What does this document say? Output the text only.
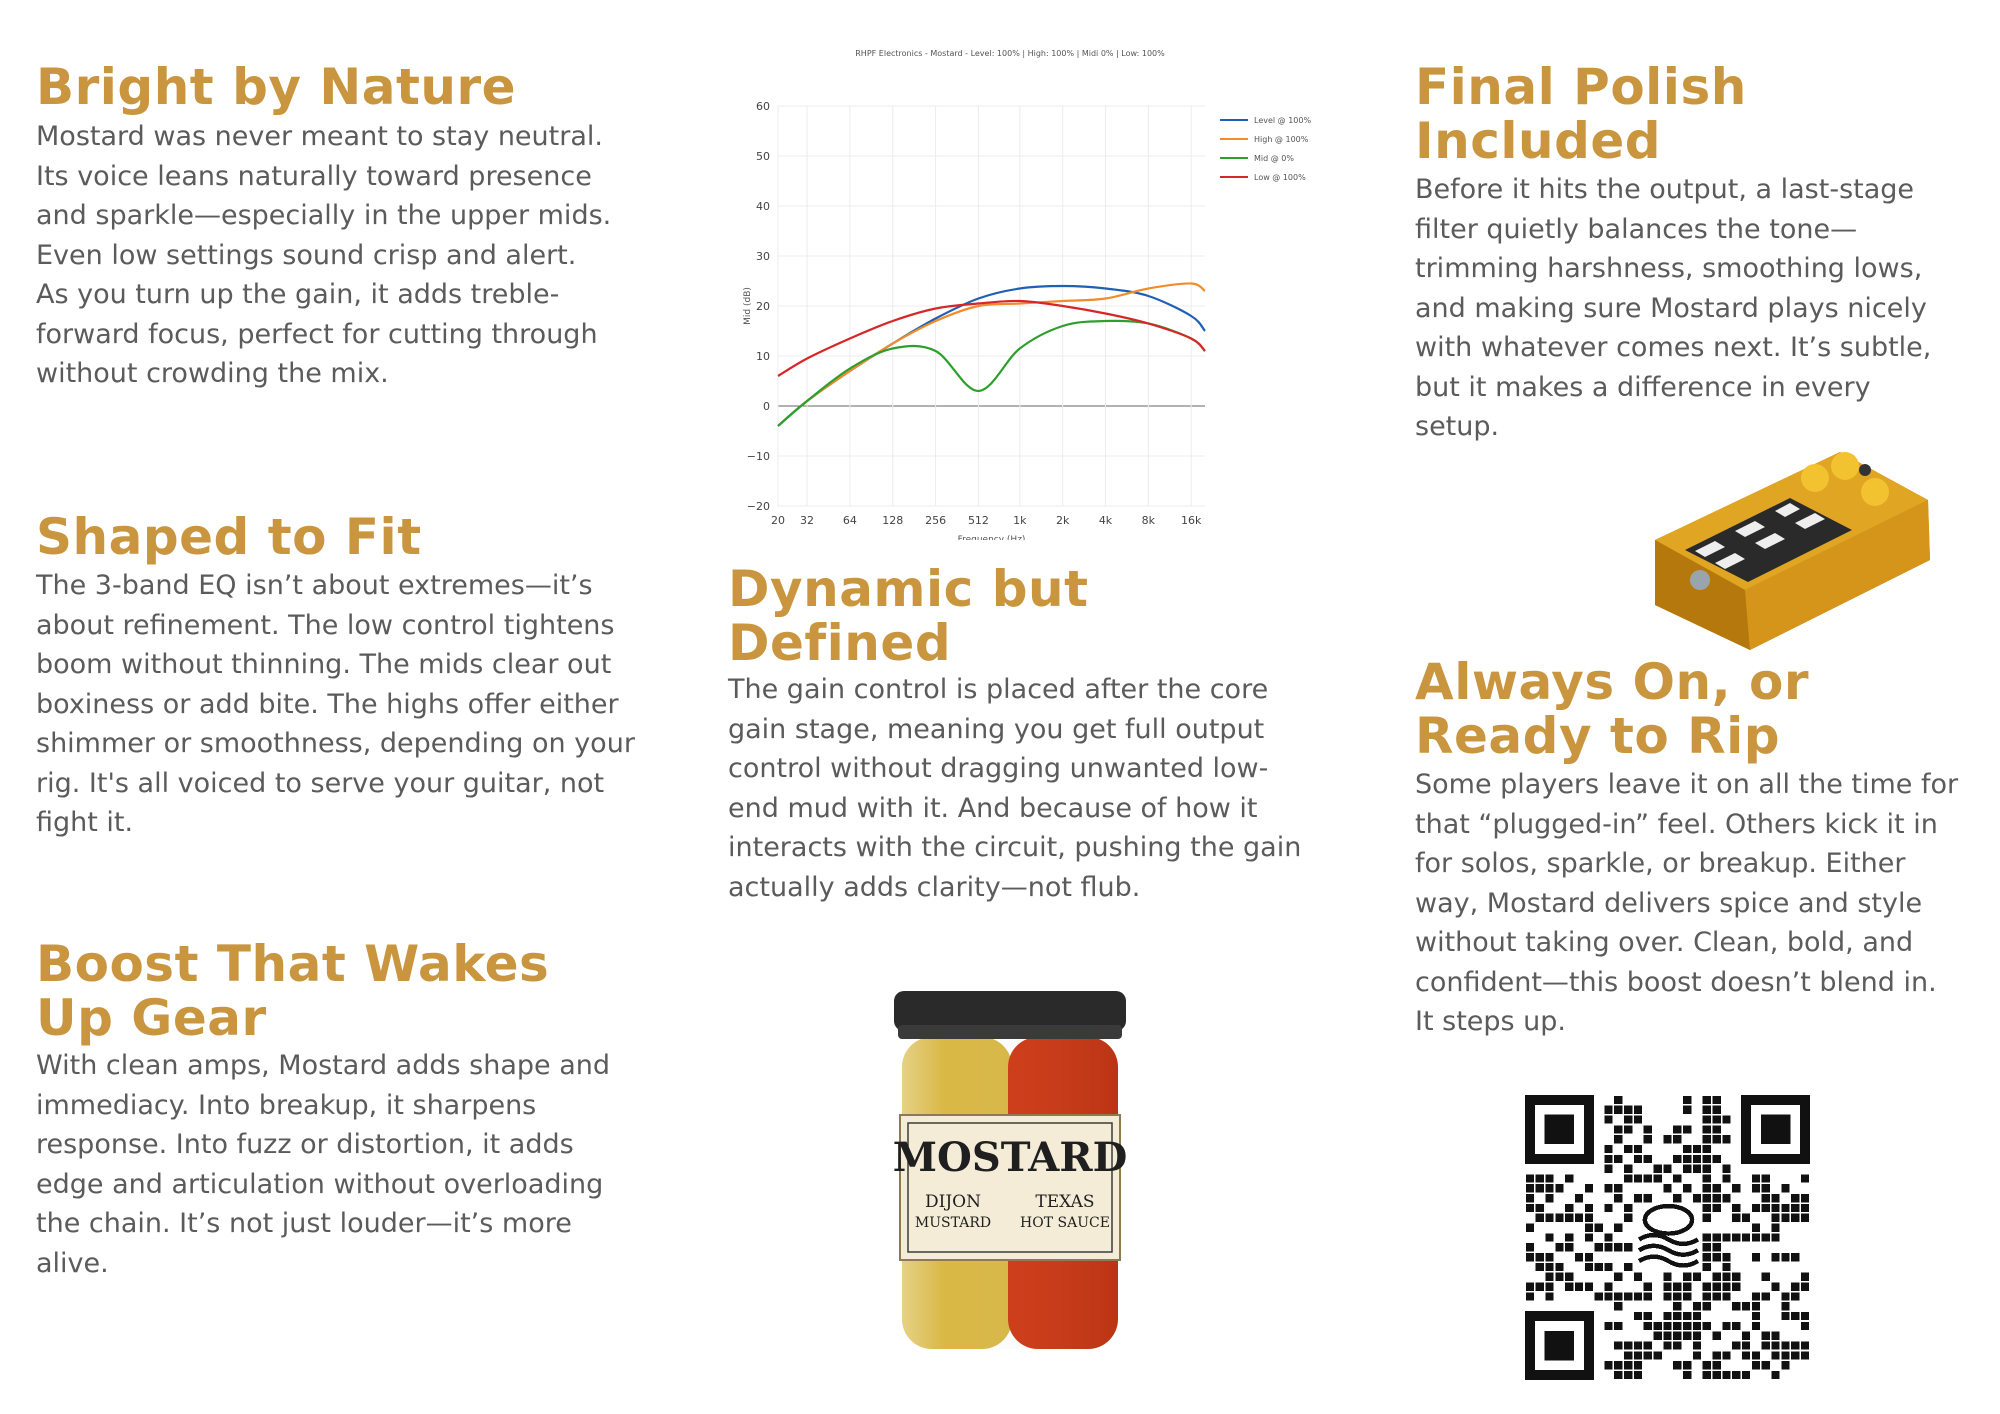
Bright by Nature

Mostard was never meant to stay neutral. Its voice leans naturally toward presence and sparkle—especially in the upper mids. Even low settings sound crisp and alert. As you turn up the gain, it adds treble-forward focus, perfect for cutting through without crowding the mix.

Shaped to Fit

The 3-band EQ isn’t about extremes—it’s about refinement. The low control tightens boom without thinning. The mids clear out boxiness or add bite. The highs offer either shimmer or smoothness, depending on your rig. It's all voiced to serve your guitar, not fight it.

Boost That Wakes Up Gear

With clean amps, Mostard adds shape and immediacy. Into breakup, it sharpens response. Into fuzz or distortion, it adds edge and articulation without overloading the chain. It’s not just louder—it’s more alive.

RHPF Electronics - Mostard - Level: 100% | High: 100% | Midi 0% | Low: 100%
−20
−10
0
10
20
30
40
50
60
20 32	64 128 256 512 1k	2k	4k	8k 16k
Frequency (Hz)
Mid (dB)
Level @ 100%
High @ 100%
Mid @ 0%
Low @ 100%
Dynamic but Defined

The gain control is placed after the core gain stage, meaning you get full output control without dragging unwanted low-end mud with it. And because of how it interacts with the circuit, pushing the gain actually adds clarity—not flub.

MOSTARD
DIJON
MUSTARD
TEXAS
HOT SAUCE
Final Polish Included

Before it hits the output, a last-stage filter quietly balances the tone—trimming harshness, smoothing lows, and making sure Mostard plays nicely with whatever comes next. It’s subtle, but it makes a difference in every setup.

Always On, or Ready to Rip

Some players leave it on all the time for that “plugged-in” feel. Others kick it in for solos, sparkle, or breakup. Either way, Mostard delivers spice and style without taking over. Clean, bold, and confident—this boost doesn’t blend in. It steps up.
